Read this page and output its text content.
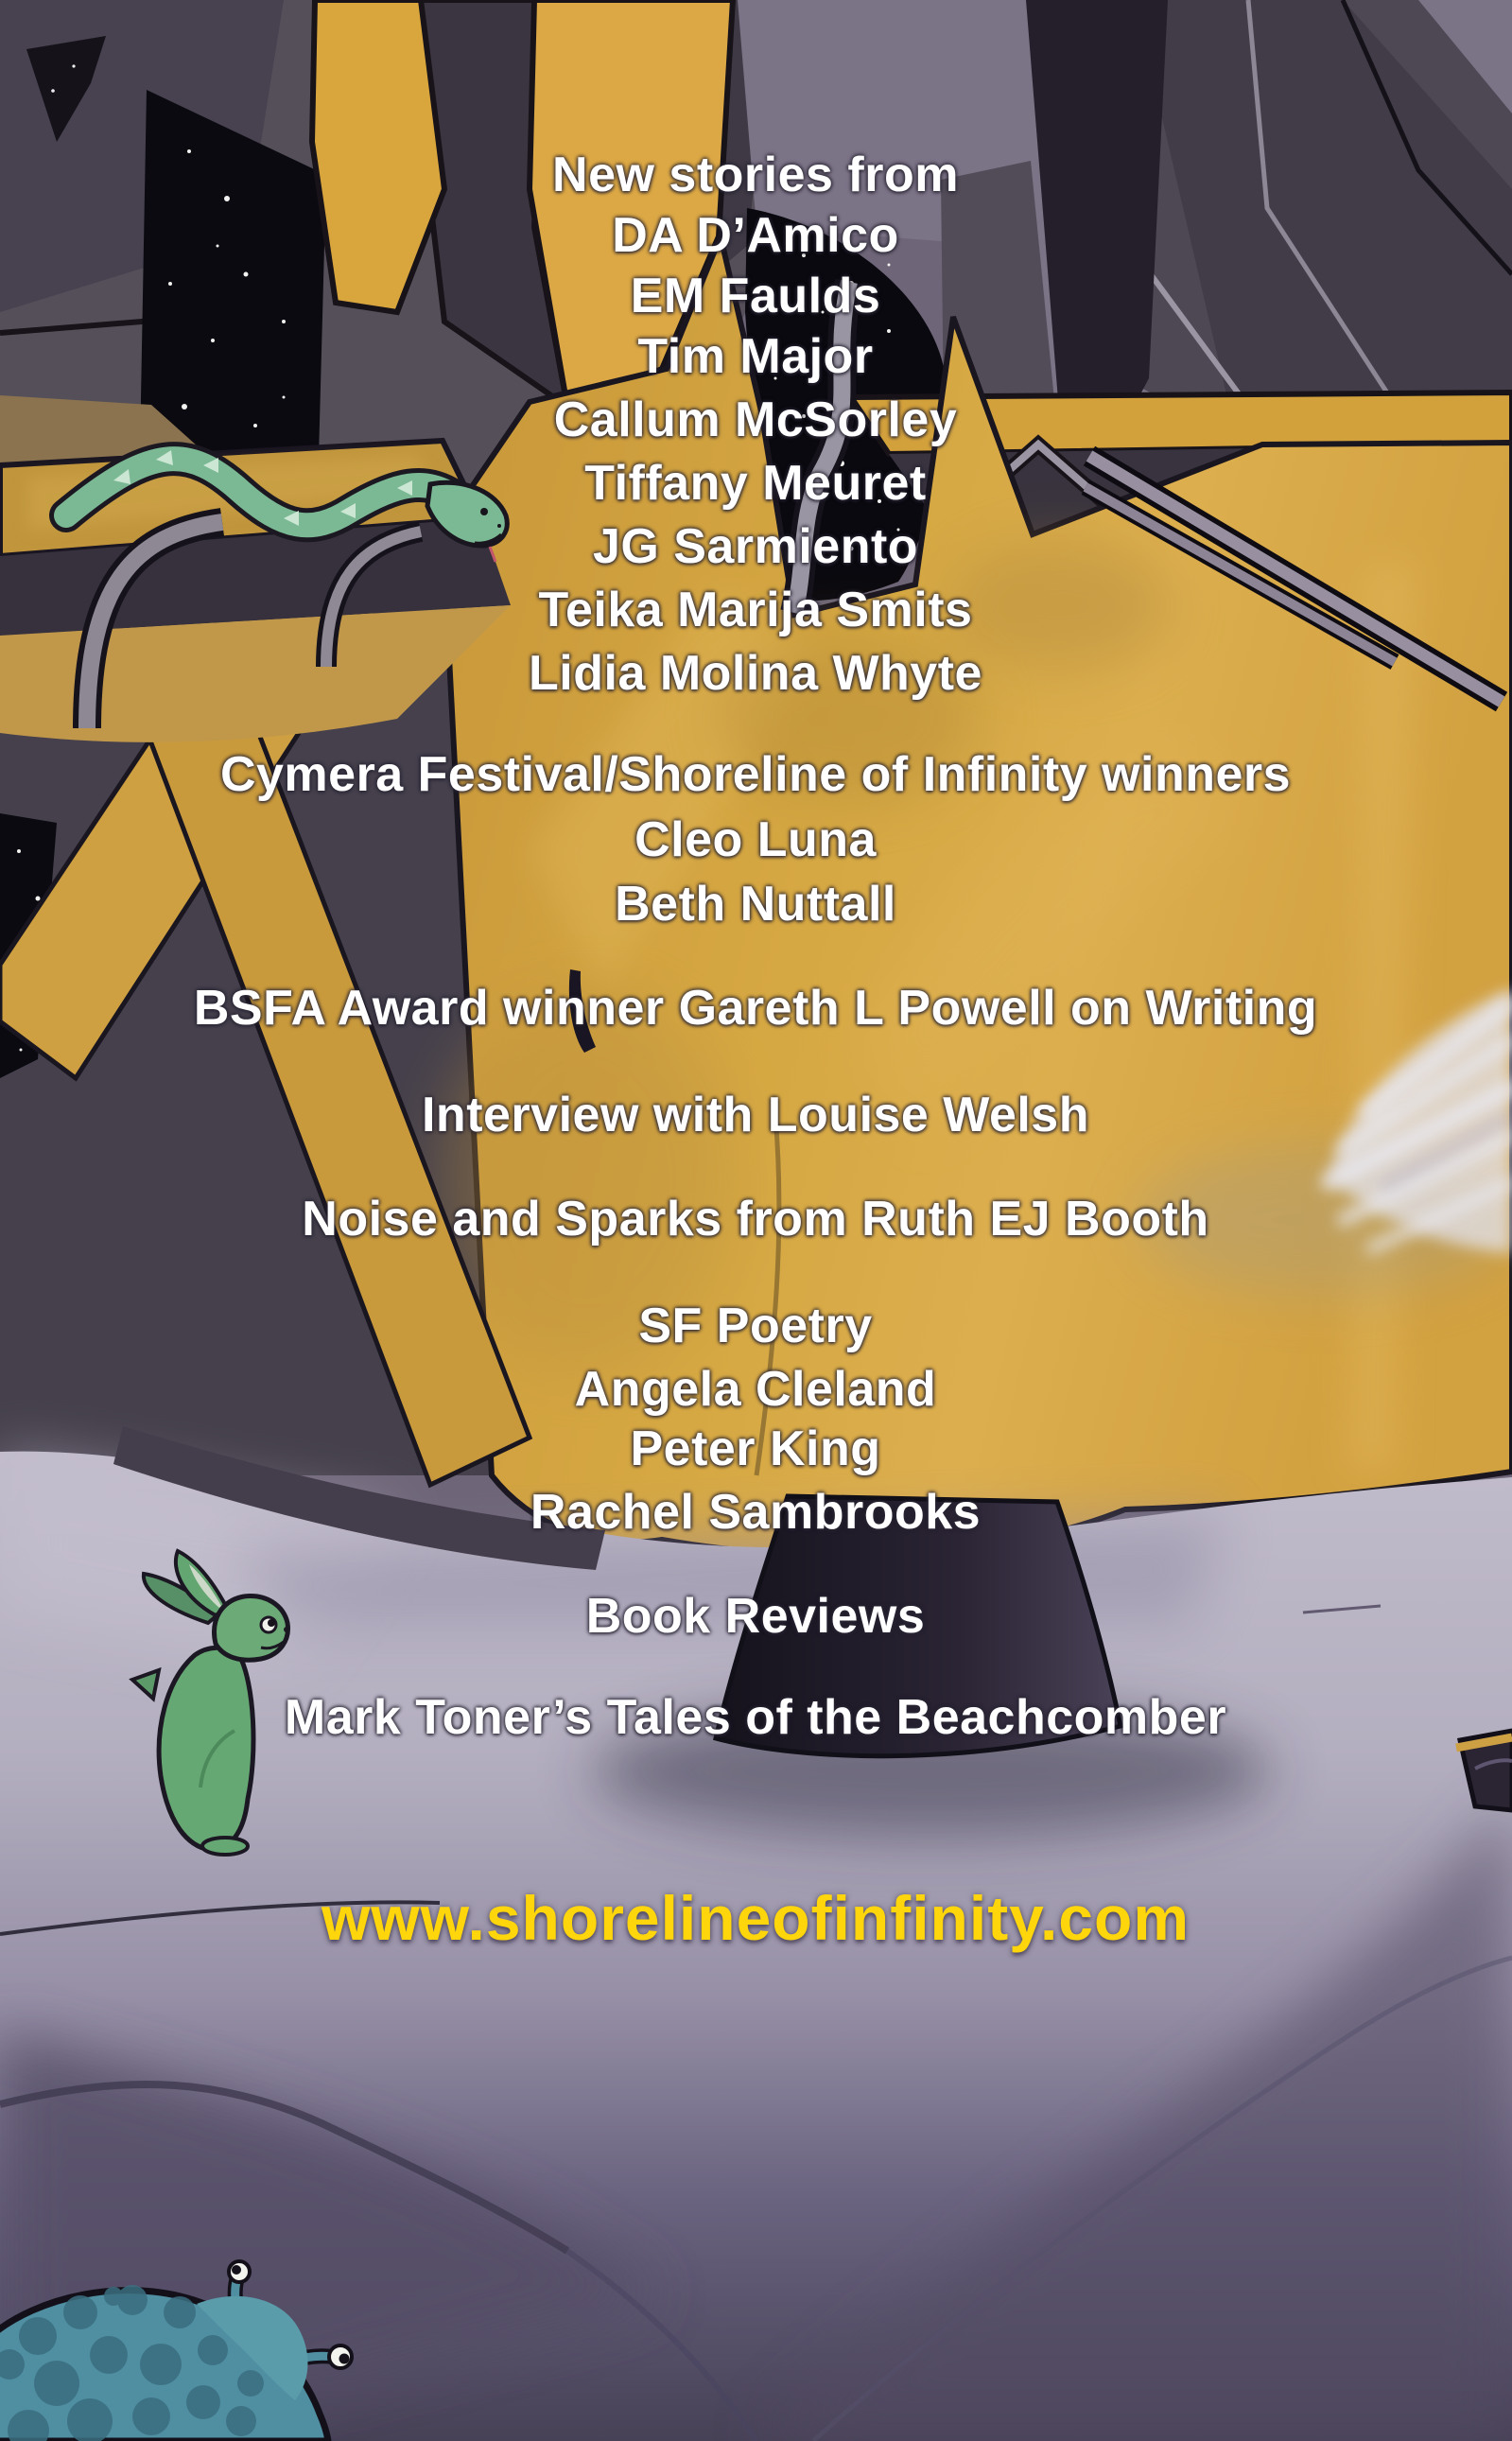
New stories from
DA D’Amico
EM Faulds
Tim Major
Callum McSorley
Tiffany Meuret
JG Sarmiento
Teika Marija Smits
Lidia Molina Whyte
Cymera Festival/Shoreline of Infinity winners
Cleo Luna
Beth Nuttall
BSFA Award winner Gareth L Powell on Writing
Interview with Louise Welsh
Noise and Sparks from Ruth EJ Booth
SF Poetry
Angela Cleland
Peter King
Rachel Sambrooks
Book Reviews
Mark Toner’s Tales of the Beachcomber
www.shorelineofinfinity.com
